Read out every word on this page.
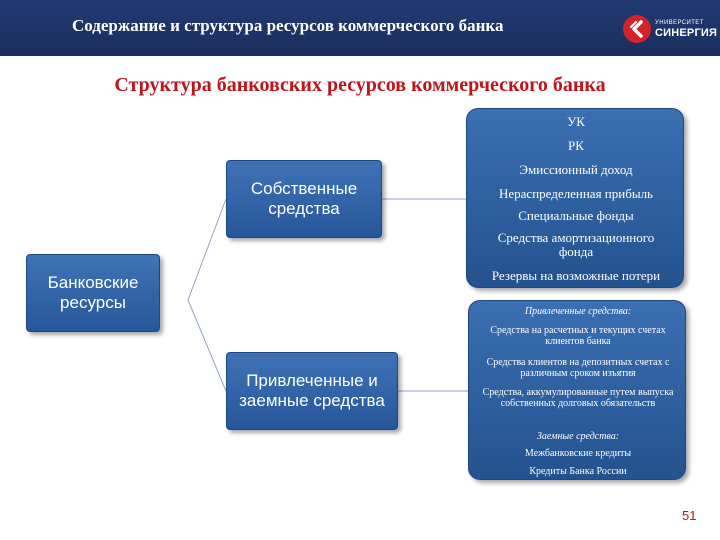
Содержание и структура ресурсов коммерческого банка	УНИВЕРСИТЕТ
СИНЕРГИЯ
Структура банковских ресурсов коммерческого банка
Банковские ресурсы
Собственные средства
Привлеченные и заемные средства
УК
РК
Эмиссионный доход
Нераспределенная прибыль
Специальные фонды
Средства амортизационного фонда
Резервы на возможные потери
Привлеченные средства:
Средства на расчетных и текущих счетах клиентов банка
Средства клиентов на депозитных счетах с различным сроком изъятия
Средства, аккумулированные путем выпуска собственных долговых обязательств
Заемные средства:
Межбанковские кредиты
Кредиты Банка России
51
